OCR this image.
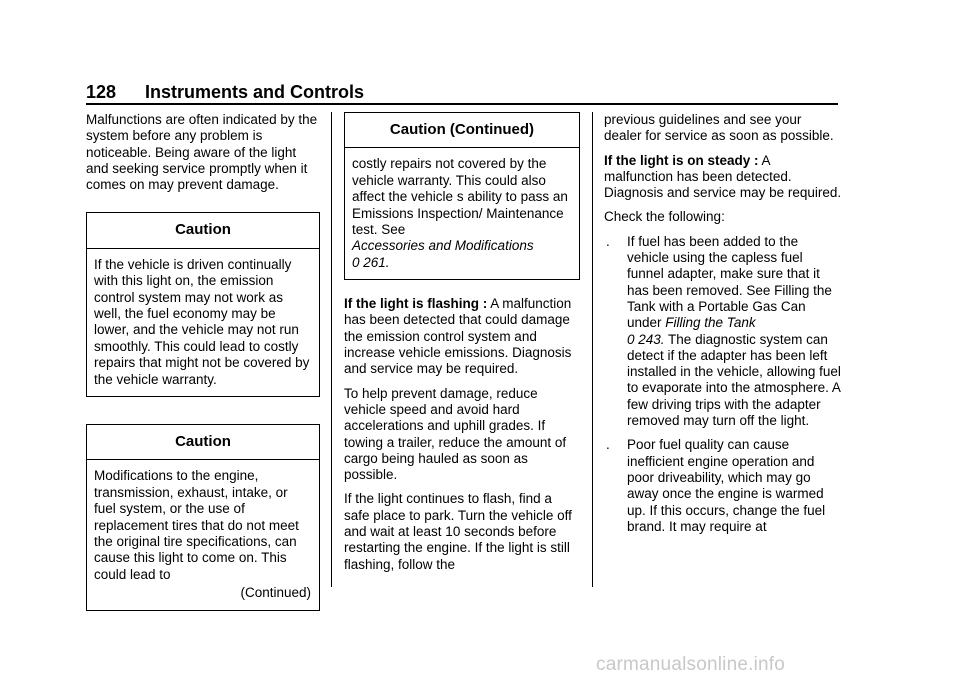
128 Instruments and Controls

Malfunctions are often indicated by the system before any problem is noticeable. Being aware of the light and seeking service promptly when it comes on may prevent damage.

Caution
If the vehicle is driven continually with this light on, the emission control system may not work as well, the fuel economy may be lower, and the vehicle may not run smoothly. This could lead to costly repairs that might not be covered by the vehicle warranty.
Caution
Modifications to the engine, transmission, exhaust, intake, or fuel system, or the use of replacement tires that do not meet the original tire specifications, can cause this light to come on. This could lead to
(Continued)
Caution (Continued)
costly repairs not covered by the vehicle warranty. This could also affect the vehicle s ability to pass an Emissions Inspection/ Maintenance test. See
Accessories and Modifications
0 261.

If the light is flashing : A malfunction has been detected that could damage the emission control system and increase vehicle emissions. Diagnosis and service may be required.

To help prevent damage, reduce vehicle speed and avoid hard accelerations and uphill grades. If towing a trailer, reduce the amount of cargo being hauled as soon as possible.

If the light continues to flash, find a safe place to park. Turn the vehicle off and wait at least 10 seconds before restarting the engine. If the light is still flashing, follow the

previous guidelines and see your dealer for service as soon as possible.

If the light is on steady : A malfunction has been detected. Diagnosis and service may be required.

Check the following:

. If fuel has been added to the vehicle using the capless fuel funnel adapter, make sure that it has been removed. See Filling the Tank with a Portable Gas Can under Filling the Tank
0 243. The diagnostic system can detect if the adapter has been left installed in the vehicle, allowing fuel to evaporate into the atmosphere. A few driving trips with the adapter removed may turn off the light.
. Poor fuel quality can cause inefficient engine operation and poor driveability, which may go away once the engine is warmed up. If this occurs, change the fuel brand. It may require at
carmanualsonline.info
